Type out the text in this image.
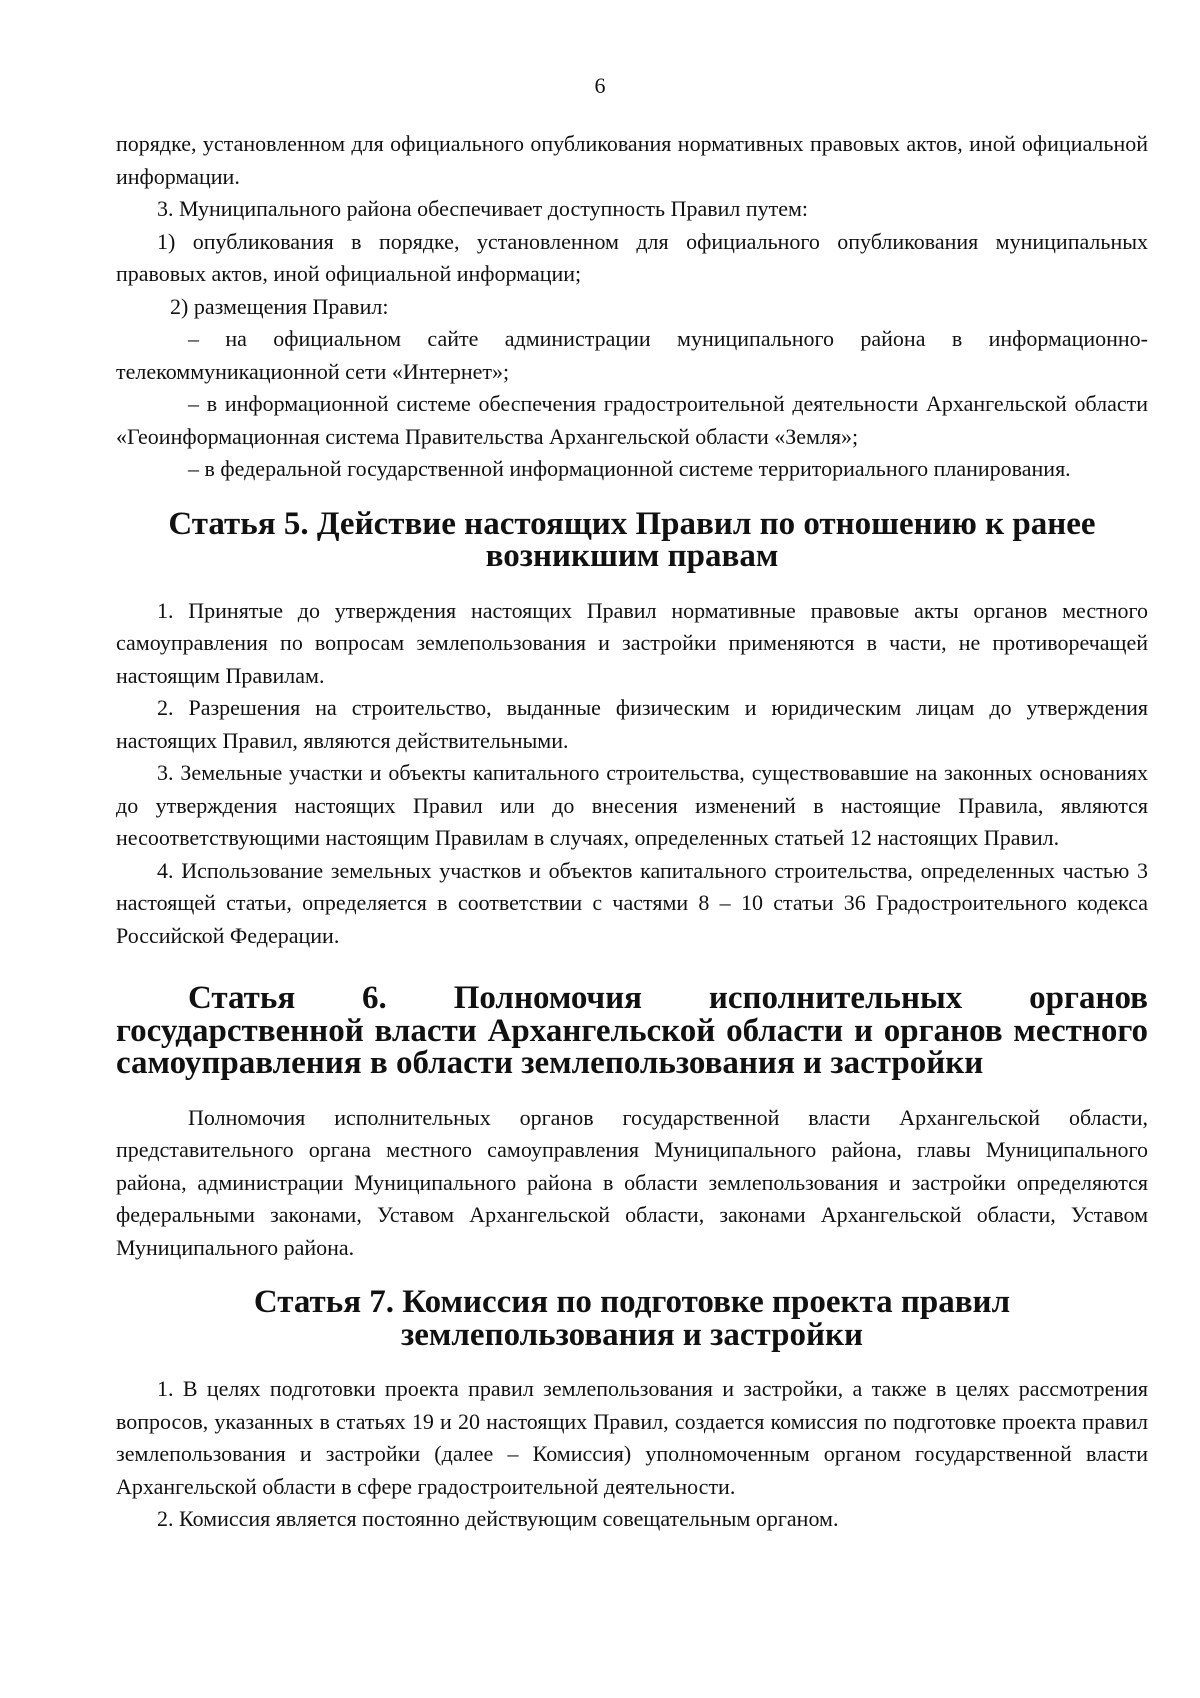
6

порядке, установленном для официального опубликования нормативных правовых актов, иной официальной информации.

3. Муниципального района обеспечивает доступность Правил путем:

1) опубликования в порядке, установленном для официального опубликования муниципальных правовых актов, иной официальной информации;

2) размещения Правил:

– на официальном сайте администрации муниципального района в информационно-телекоммуникационной сети «Интернет»;

– в информационной системе обеспечения градостроительной деятельности Архангельской области «Геоинформационная система Правительства Архангельской области «Земля»;

– в федеральной государственной информационной системе территориального планирования.

Статья 5. Действие настоящих Правил по отношению к ранее возникшим правам

1. Принятые до утверждения настоящих Правил нормативные правовые акты органов местного самоуправления по вопросам землепользования и застройки применяются в части, не противоречащей настоящим Правилам.

2. Разрешения на строительство, выданные физическим и юридическим лицам до утверждения настоящих Правил, являются действительными.

3. Земельные участки и объекты капитального строительства, существовавшие на законных основаниях до утверждения настоящих Правил или до внесения изменений в настоящие Правила, являются несоответствующими настоящим Правилам в случаях, определенных статьей 12 настоящих Правил.

4. Использование земельных участков и объектов капитального строительства, определенных частью 3 настоящей статьи, определяется в соответствии с частями 8 – 10 статьи 36 Градостроительного кодекса Российской Федерации.

Статья 6. Полномочия исполнительных органов государственной власти Архангельской области и органов местного самоуправления в области землепользования и застройки

Полномочия исполнительных органов государственной власти Архангельской области, представительного органа местного самоуправления Муниципального района, главы Муниципального района, администрации Муниципального района в области землепользования и застройки определяются федеральными законами, Уставом Архангельской области, законами Архангельской области, Уставом Муниципального района.

Статья 7. Комиссия по подготовке проекта правил землепользования и застройки

1. В целях подготовки проекта правил землепользования и застройки, а также в целях рассмотрения вопросов, указанных в статьях 19 и 20 настоящих Правил, создается комиссия по подготовке проекта правил землепользования и застройки (далее – Комиссия) уполномоченным органом государственной власти Архангельской области в сфере градостроительной деятельности.

2. Комиссия является постоянно действующим совещательным органом.
